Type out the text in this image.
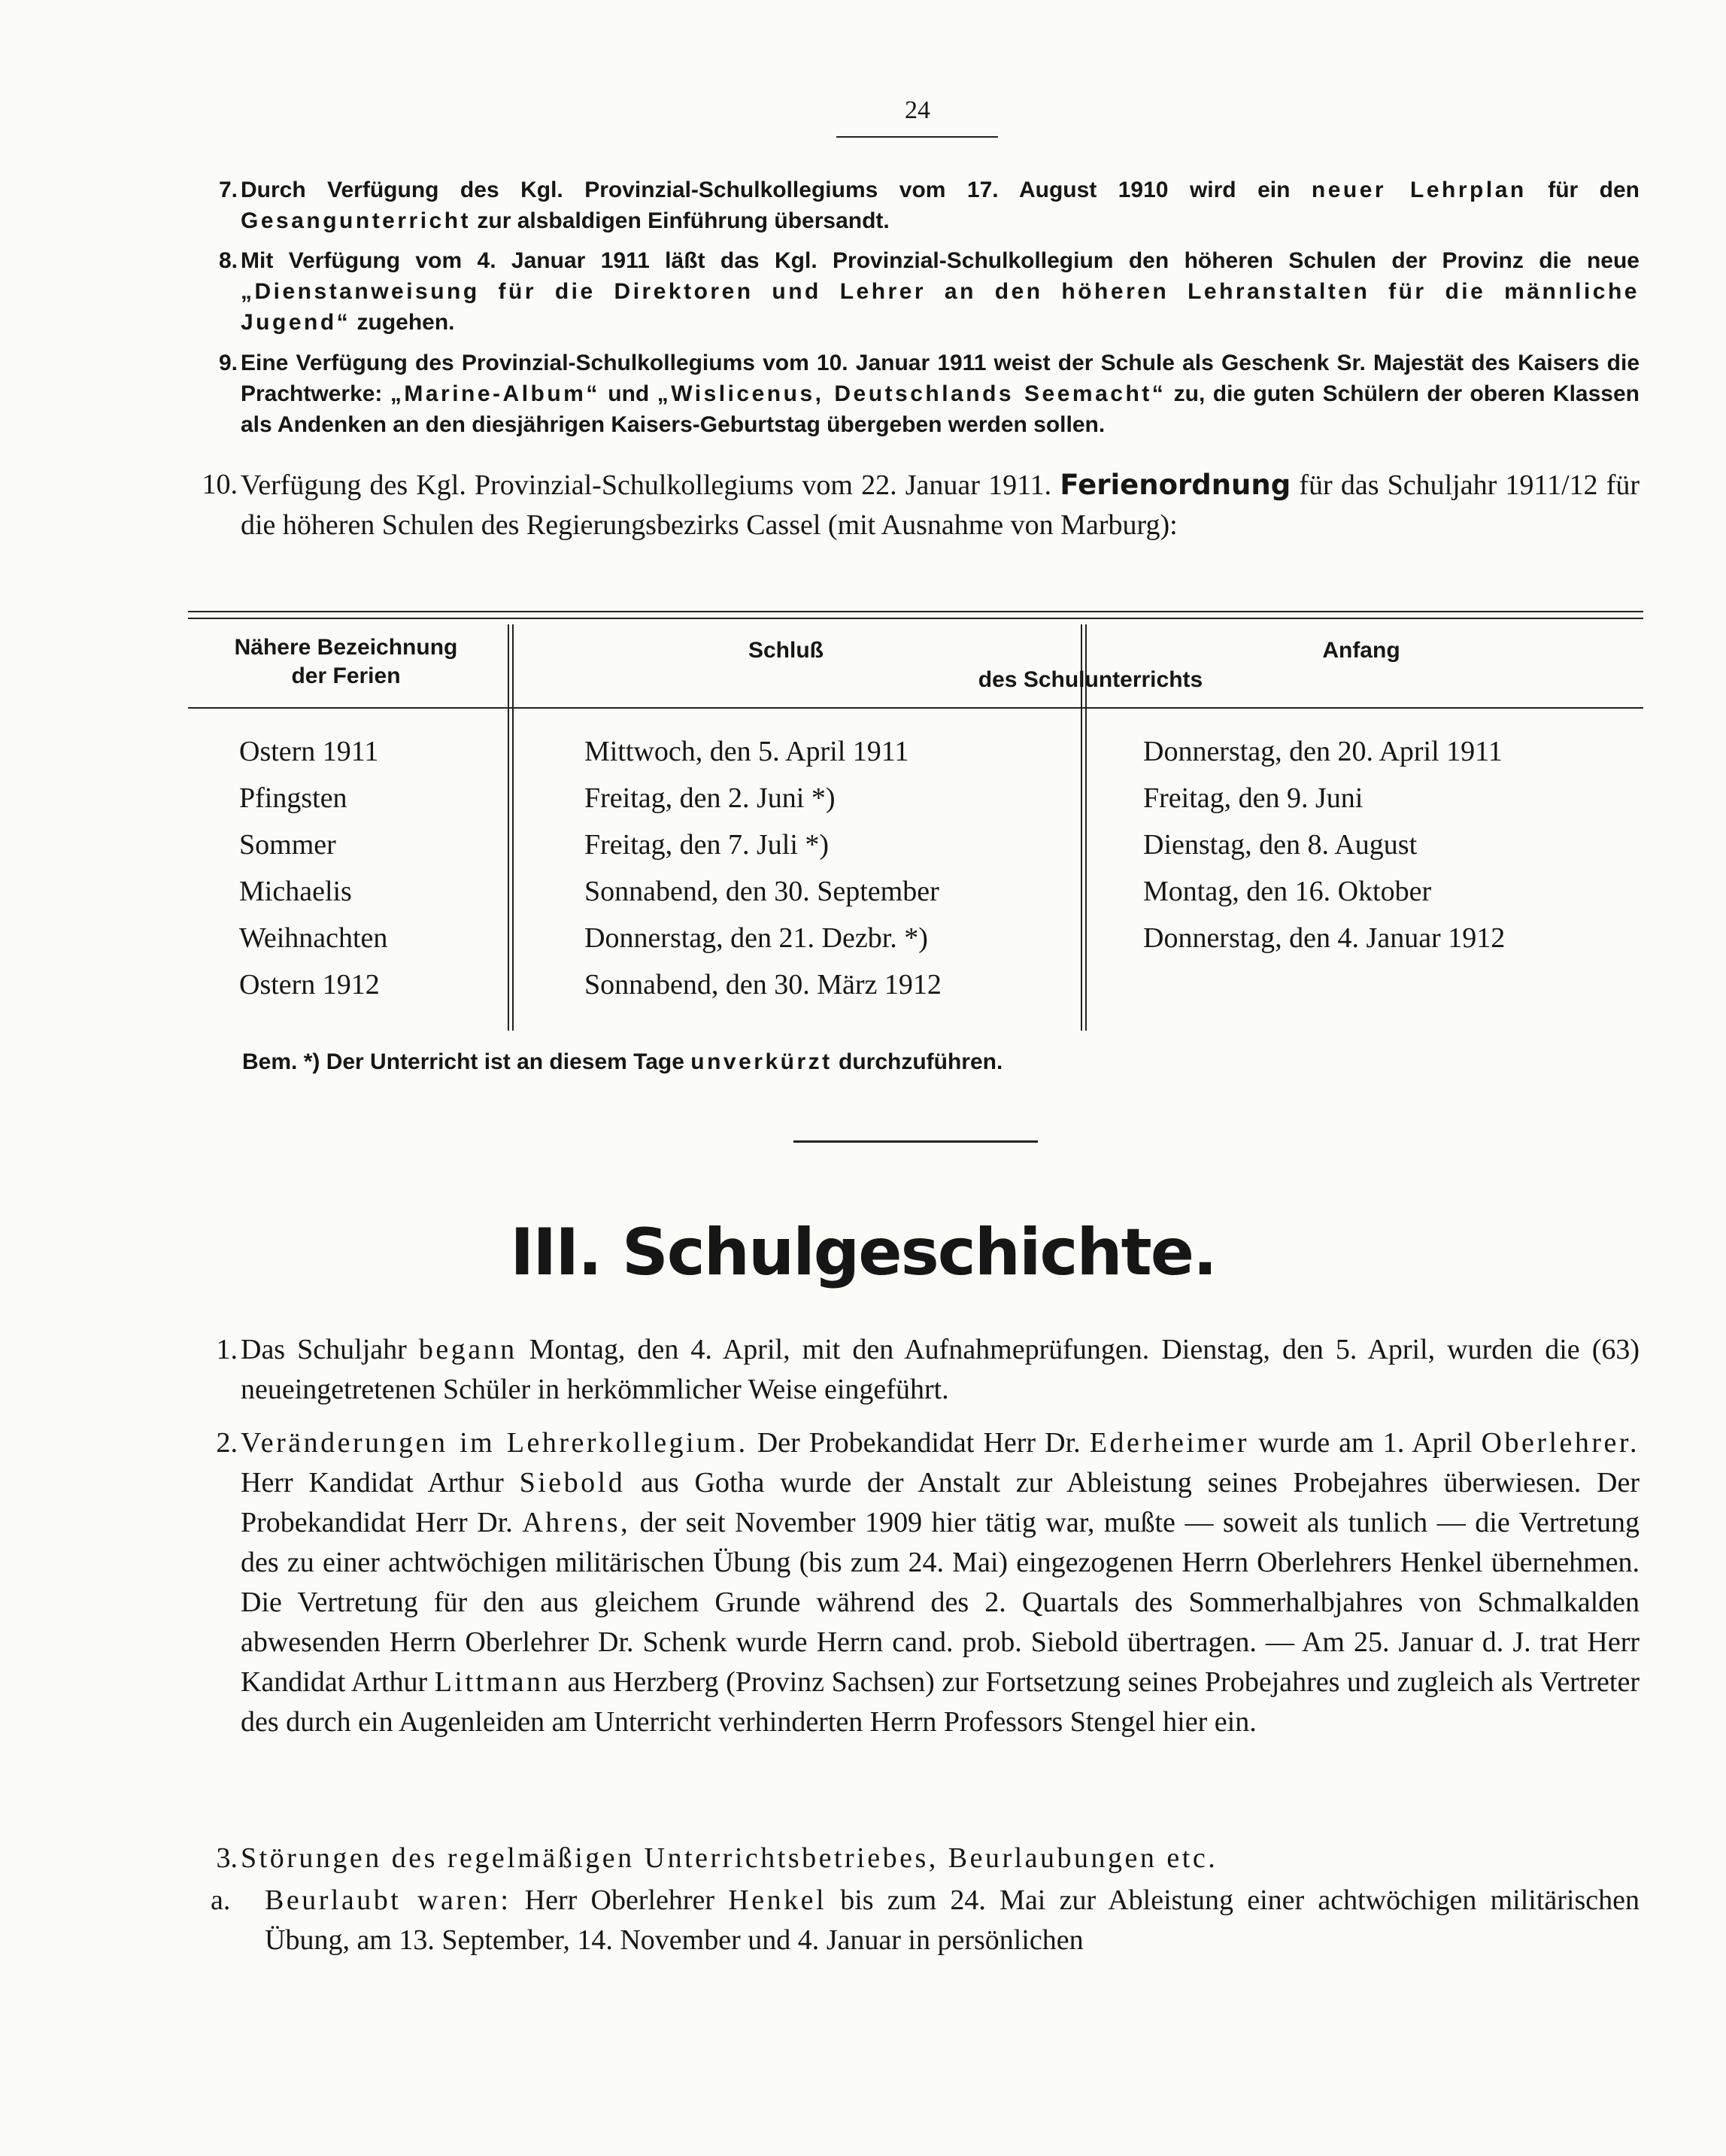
24
7. Durch Verfügung des Kgl. Provinzial-Schulkollegiums vom 17. August 1910 wird ein neuer Lehrplan für den Gesangunterricht zur alsbaldigen Einführung übersandt.
8. Mit Verfügung vom 4. Januar 1911 läßt das Kgl. Provinzial-Schulkollegium den höheren Schulen der Provinz die neue „Dienstanweisung für die Direktoren und Lehrer an den höheren Lehranstalten für die männliche Jugend“ zugehen.
9. Eine Verfügung des Provinzial-Schulkollegiums vom 10. Januar 1911 weist der Schule als Geschenk Sr. Majestät des Kaisers die Prachtwerke: „Marine-Album“ und „Wislicenus, Deutschlands Seemacht“ zu, die guten Schülern der oberen Klassen als Andenken an den diesjährigen Kaisers-Geburtstag übergeben werden sollen.
10. Verfügung des Kgl. Provinzial-Schulkollegiums vom 22. Januar 1911. Ferienordnung für das Schuljahr 1911/12 für die höheren Schulen des Regierungsbezirks Cassel (mit Ausnahme von Marburg):
Nähere Bezeichnung
der Ferien
Schluß	Anfang
des Schulunterrichts
Ostern 1911	Mittwoch, den 5. April 1911	Donnerstag, den 20. April 1911
Pfingsten	Freitag, den 2. Juni *)	Freitag, den 9. Juni
Sommer	Freitag, den 7. Juli *)	Dienstag, den 8. August
Michaelis	Sonnabend, den 30. September	Montag, den 16. Oktober
Weihnachten	Donnerstag, den 21. Dezbr. *)	Donnerstag, den 4. Januar 1912
Ostern 1912	Sonnabend, den 30. März 1912
Bem. *) Der Unterricht ist an diesem Tage unverkürzt durchzuführen.
III. Schulgeschichte.
1. Das Schuljahr begann Montag, den 4. April, mit den Aufnahmeprüfungen. Dienstag, den 5. April, wurden die (63) neueingetretenen Schüler in herkömmlicher Weise eingeführt.
2. Veränderungen im Lehrerkollegium. Der Probekandidat Herr Dr. Ederheimer wurde am 1. April Oberlehrer. Herr Kandidat Arthur Siebold aus Gotha wurde der Anstalt zur Ableistung seines Probejahres überwiesen. Der Probekandidat Herr Dr. Ahrens, der seit November 1909 hier tätig war, mußte — soweit als tunlich — die Vertretung des zu einer achtwöchigen militärischen Übung (bis zum 24. Mai) eingezogenen Herrn Oberlehrers Henkel übernehmen. Die Vertretung für den aus gleichem Grunde während des 2. Quartals des Sommerhalbjahres von Schmalkalden abwesenden Herrn Oberlehrer Dr. Schenk wurde Herrn cand. prob. Siebold übertragen. — Am 25. Januar d. J. trat Herr Kandidat Arthur Littmann aus Herzberg (Provinz Sachsen) zur Fortsetzung seines Probejahres und zugleich als Vertreter des durch ein Augenleiden am Unterricht verhinderten Herrn Professors Stengel hier ein.
3. Störungen des regelmäßigen Unterrichtsbetriebes, Beurlaubungen etc.
a.	Beurlaubt waren: Herr Oberlehrer Henkel bis zum 24. Mai zur Ableistung einer achtwöchigen militärischen Übung, am 13. September, 14. November und 4. Januar in persönlichen
